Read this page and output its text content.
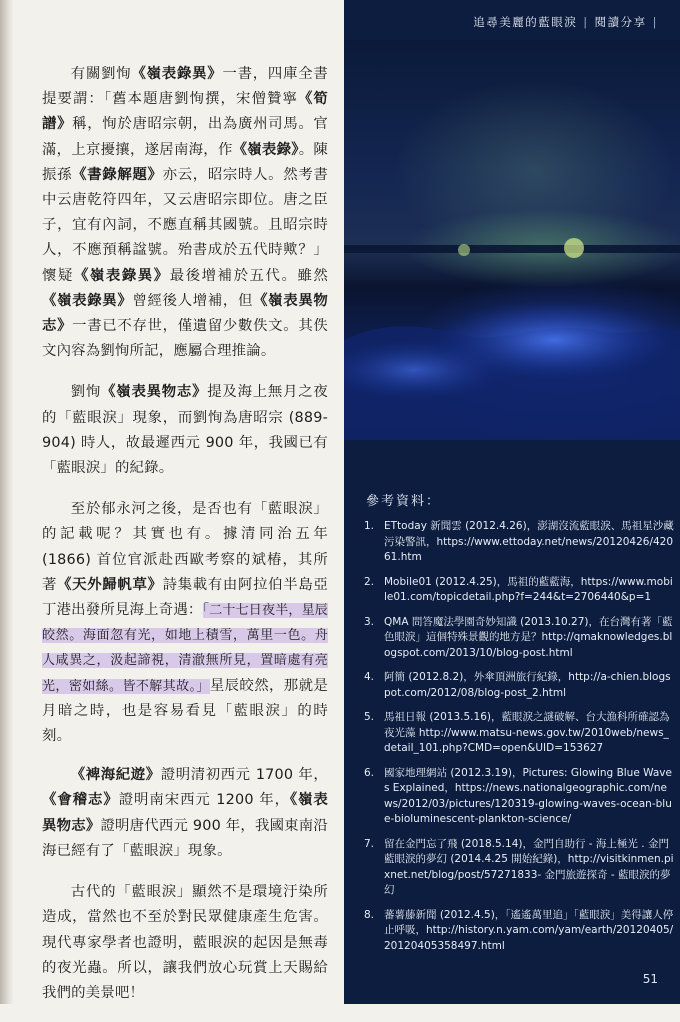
有關劉恂《嶺表錄異》一書，四庫全書提要謂：「舊本題唐劉恂撰，宋僧贊寧《筍譜》稱，恂於唐昭宗朝，出為廣州司馬。官滿，上京擾攘，遂居南海，作《嶺表錄》。陳振孫《書錄解題》亦云，昭宗時人。然考書中云唐乾符四年，又云唐昭宗即位。唐之臣子，宜有內詞，不應直稱其國號。且昭宗時人，不應預稱諡號。殆書成於五代時歟？」懷疑《嶺表錄異》最後增補於五代。雖然《嶺表錄異》曾經後人增補，但《嶺表異物志》一書已不存世，僅遺留少數佚文。其佚文內容為劉恂所記，應屬合理推論。

劉恂《嶺表異物志》提及海上無月之夜的「藍眼淚」現象，而劉恂為唐昭宗 (889-904) 時人，故最遲西元 900 年，我國已有「藍眼淚」的紀錄。

至於郁永河之後，是否也有「藍眼淚」的記載呢？其實也有。據清同治五年 (1866) 首位官派赴西歐考察的斌椿，其所著《天外歸帆草》詩集載有由阿拉伯半島亞丁港出發所見海上奇遇：「二十七日夜半，星辰皎然。海面忽有光，如地上積雪，萬里一色。舟人咸異之，汲起諦視，清澈無所見，置暗處有亮光，密如絲。皆不解其故。」星辰皎然，那就是月暗之時，也是容易看見「藍眼淚」的時刻。

《裨海紀遊》證明清初西元 1700 年，《會稽志》證明南宋西元 1200 年，《嶺表異物志》證明唐代西元 900 年，我國東南沿海已經有了「藍眼淚」現象。

古代的「藍眼淚」顯然不是環境汙染所造成，當然也不至於對民眾健康產生危害。現代專家學者也證明，藍眼淚的起因是無毒的夜光蟲。所以，讓我們放心玩賞上天賜給我們的美景吧！

追尋美麗的藍眼淚 | 閱讀分享 |
參考資料：
1. ETtoday 新聞雲 (2012.4.26)，澎湖沒流藍眼淚、馬祖星沙藏污染警訊，https://www.ettoday.net/news/20120426/42061.htm
2. Mobile01 (2012.4.25)，馬祖的藍藍海，https://www.mobile01.com/topicdetail.php?f=244&t=2706440&p=1
3. QMA 問答魔法學園奇妙知識 (2013.10.27)，在台灣有著「藍色眼淚」這個特殊景觀的地方是？http://qmaknowledges.blogspot.com/2013/10/blog-post.html
4. 阿簡 (2012.8.2)，外傘頂洲旅行紀錄，http://a-chien.blogspot.com/2012/08/blog-post_2.html
5. 馬祖日報 (2013.5.16)，藍眼淚之謎破解、台大漁科所確認為夜光藻 http://www.matsu-news.gov.tw/2010web/news_detail_101.php?CMD=open&UID=153627
6. 國家地理網站 (2012.3.19)，Pictures: Glowing Blue Waves Explained，https://news.nationalgeographic.com/news/2012/03/pictures/120319-glowing-waves-ocean-blue-bioluminescent-plankton-science/
7. 留在金門忘了飛 (2018.5.14)，金門自助行 - 海上極光 . 金門藍眼淚的夢幻 (2014.4.25 開始紀錄)，http://visitkinmen.pixnet.net/blog/post/57271833- 金門旅遊探奇 - 藍眼淚的夢幻
8. 蕃薯藤新聞 (2012.4.5)，「遙遙萬里追」「藍眼淚」美得讓人停止呼吸，http://history.n.yam.com/yam/earth/20120405/20120405358497.html
51
